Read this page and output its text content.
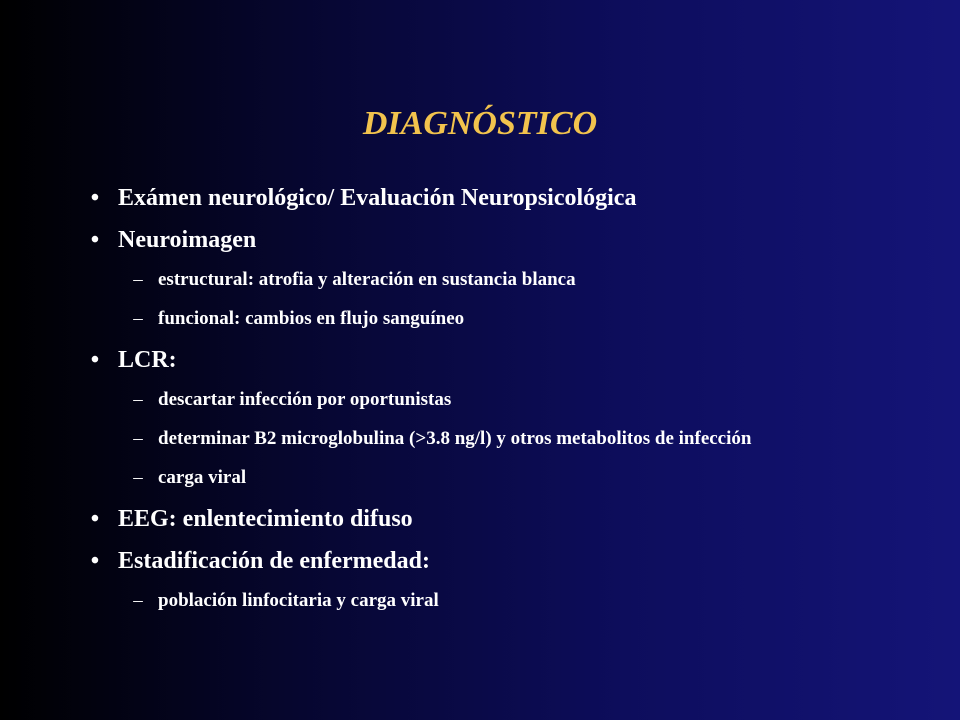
DIAGNÓSTICO
• Exámen neurológico/ Evaluación Neuropsicológica
• Neuroimagen
– estructural: atrofia y alteración en sustancia blanca
– funcional: cambios en flujo sanguíneo
• LCR:
– descartar infección por oportunistas
– determinar B2 microglobulina (>3.8 ng/l) y otros metabolitos de infección
– carga viral
• EEG: enlentecimiento difuso
• Estadificación de enfermedad:
– población linfocitaria y carga viral
